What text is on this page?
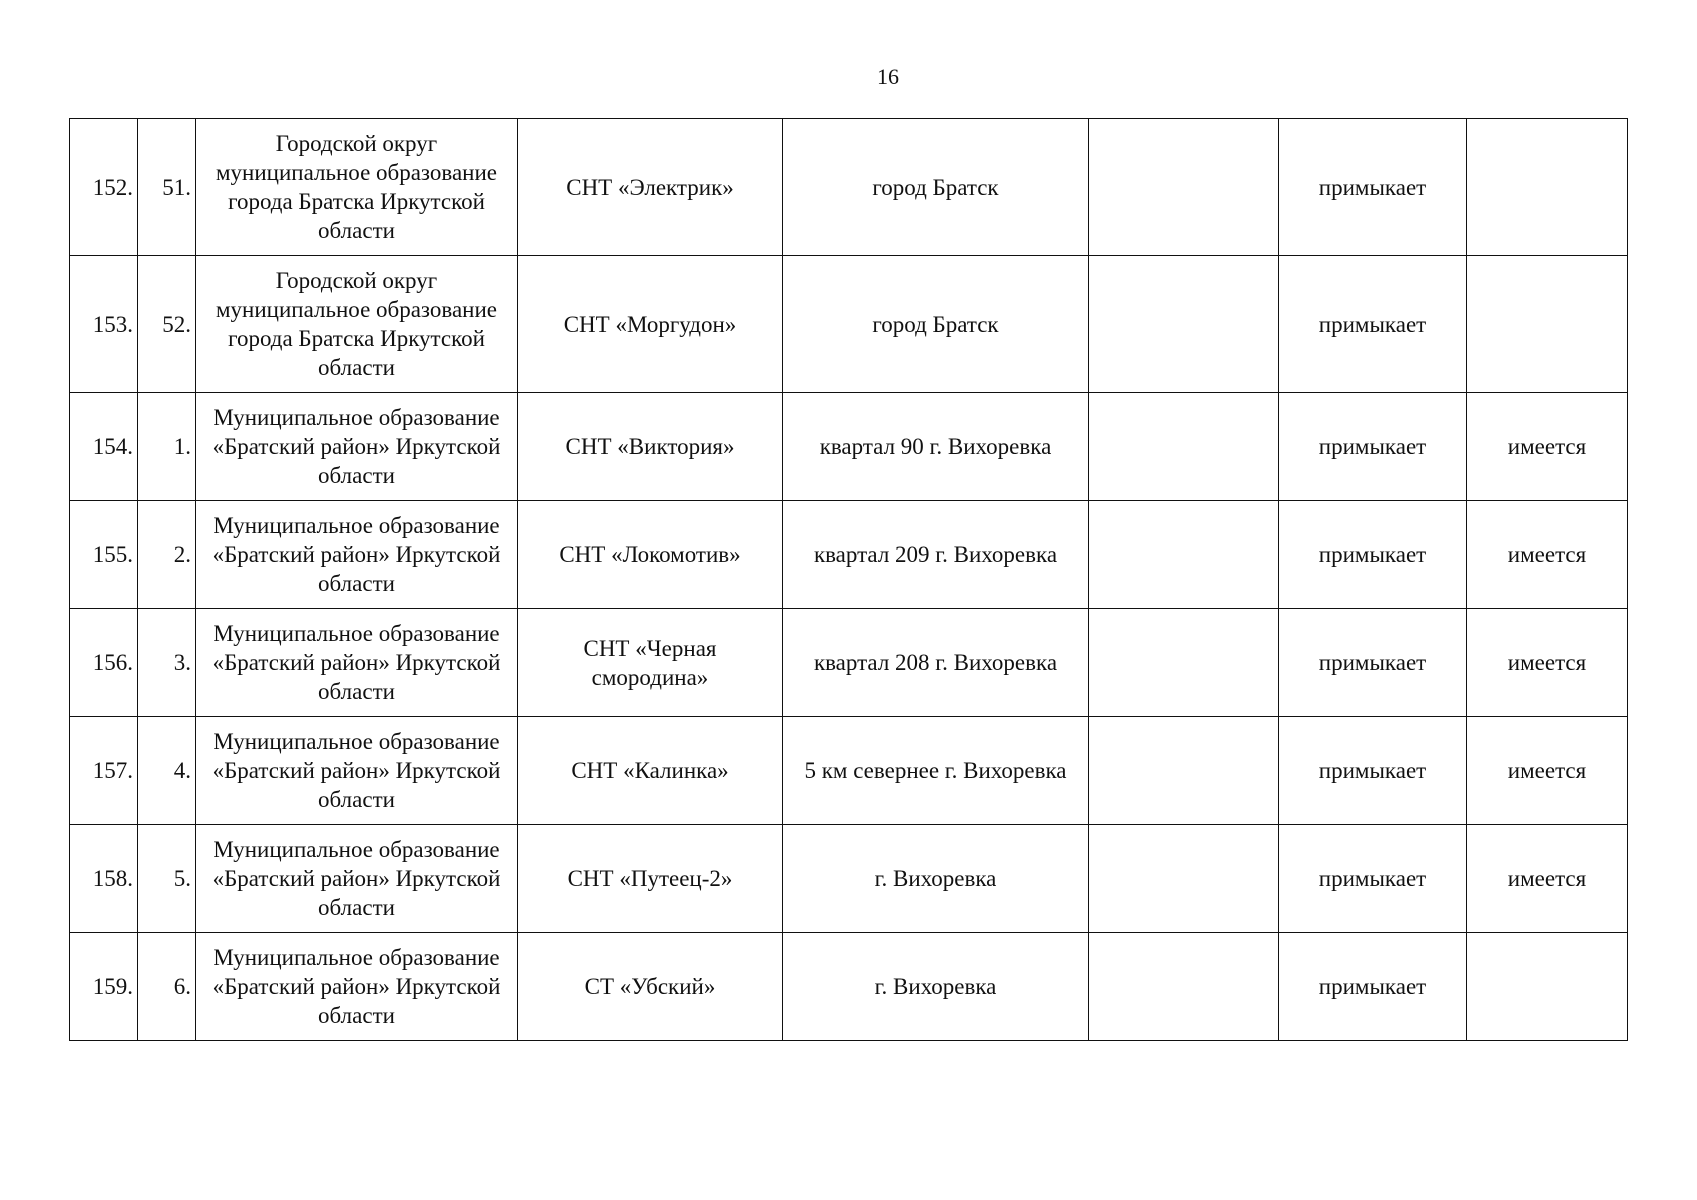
16
152.	51.	Городской округ муниципальное образование города Братска Иркутской области	СНТ «Электрик»	город Братск		примыкает	
153.	52.	Городской округ муниципальное образование города Братска Иркутской области	СНТ «Моргудон»	город Братск		примыкает	
154.	1.	Муниципальное образование «Братский район» Иркутской области	СНТ «Виктория»	квартал 90 г. Вихоревка		примыкает	имеется
155.	2.	Муниципальное образование «Братский район» Иркутской области	СНТ «Локомотив»	квартал 209 г. Вихоревка		примыкает	имеется
156.	3.	Муниципальное образование «Братский район» Иркутской области	СНТ «Черная смородина»	квартал 208 г. Вихоревка		примыкает	имеется
157.	4.	Муниципальное образование «Братский район» Иркутской области	СНТ «Калинка»	5 км севернее г. Вихоревка		примыкает	имеется
158.	5.	Муниципальное образование «Братский район» Иркутской области	СНТ «Путеец-2»	г. Вихоревка		примыкает	имеется
159.	6.	Муниципальное образование «Братский район» Иркутской области	СТ «Убский»	г. Вихоревка		примыкает	
